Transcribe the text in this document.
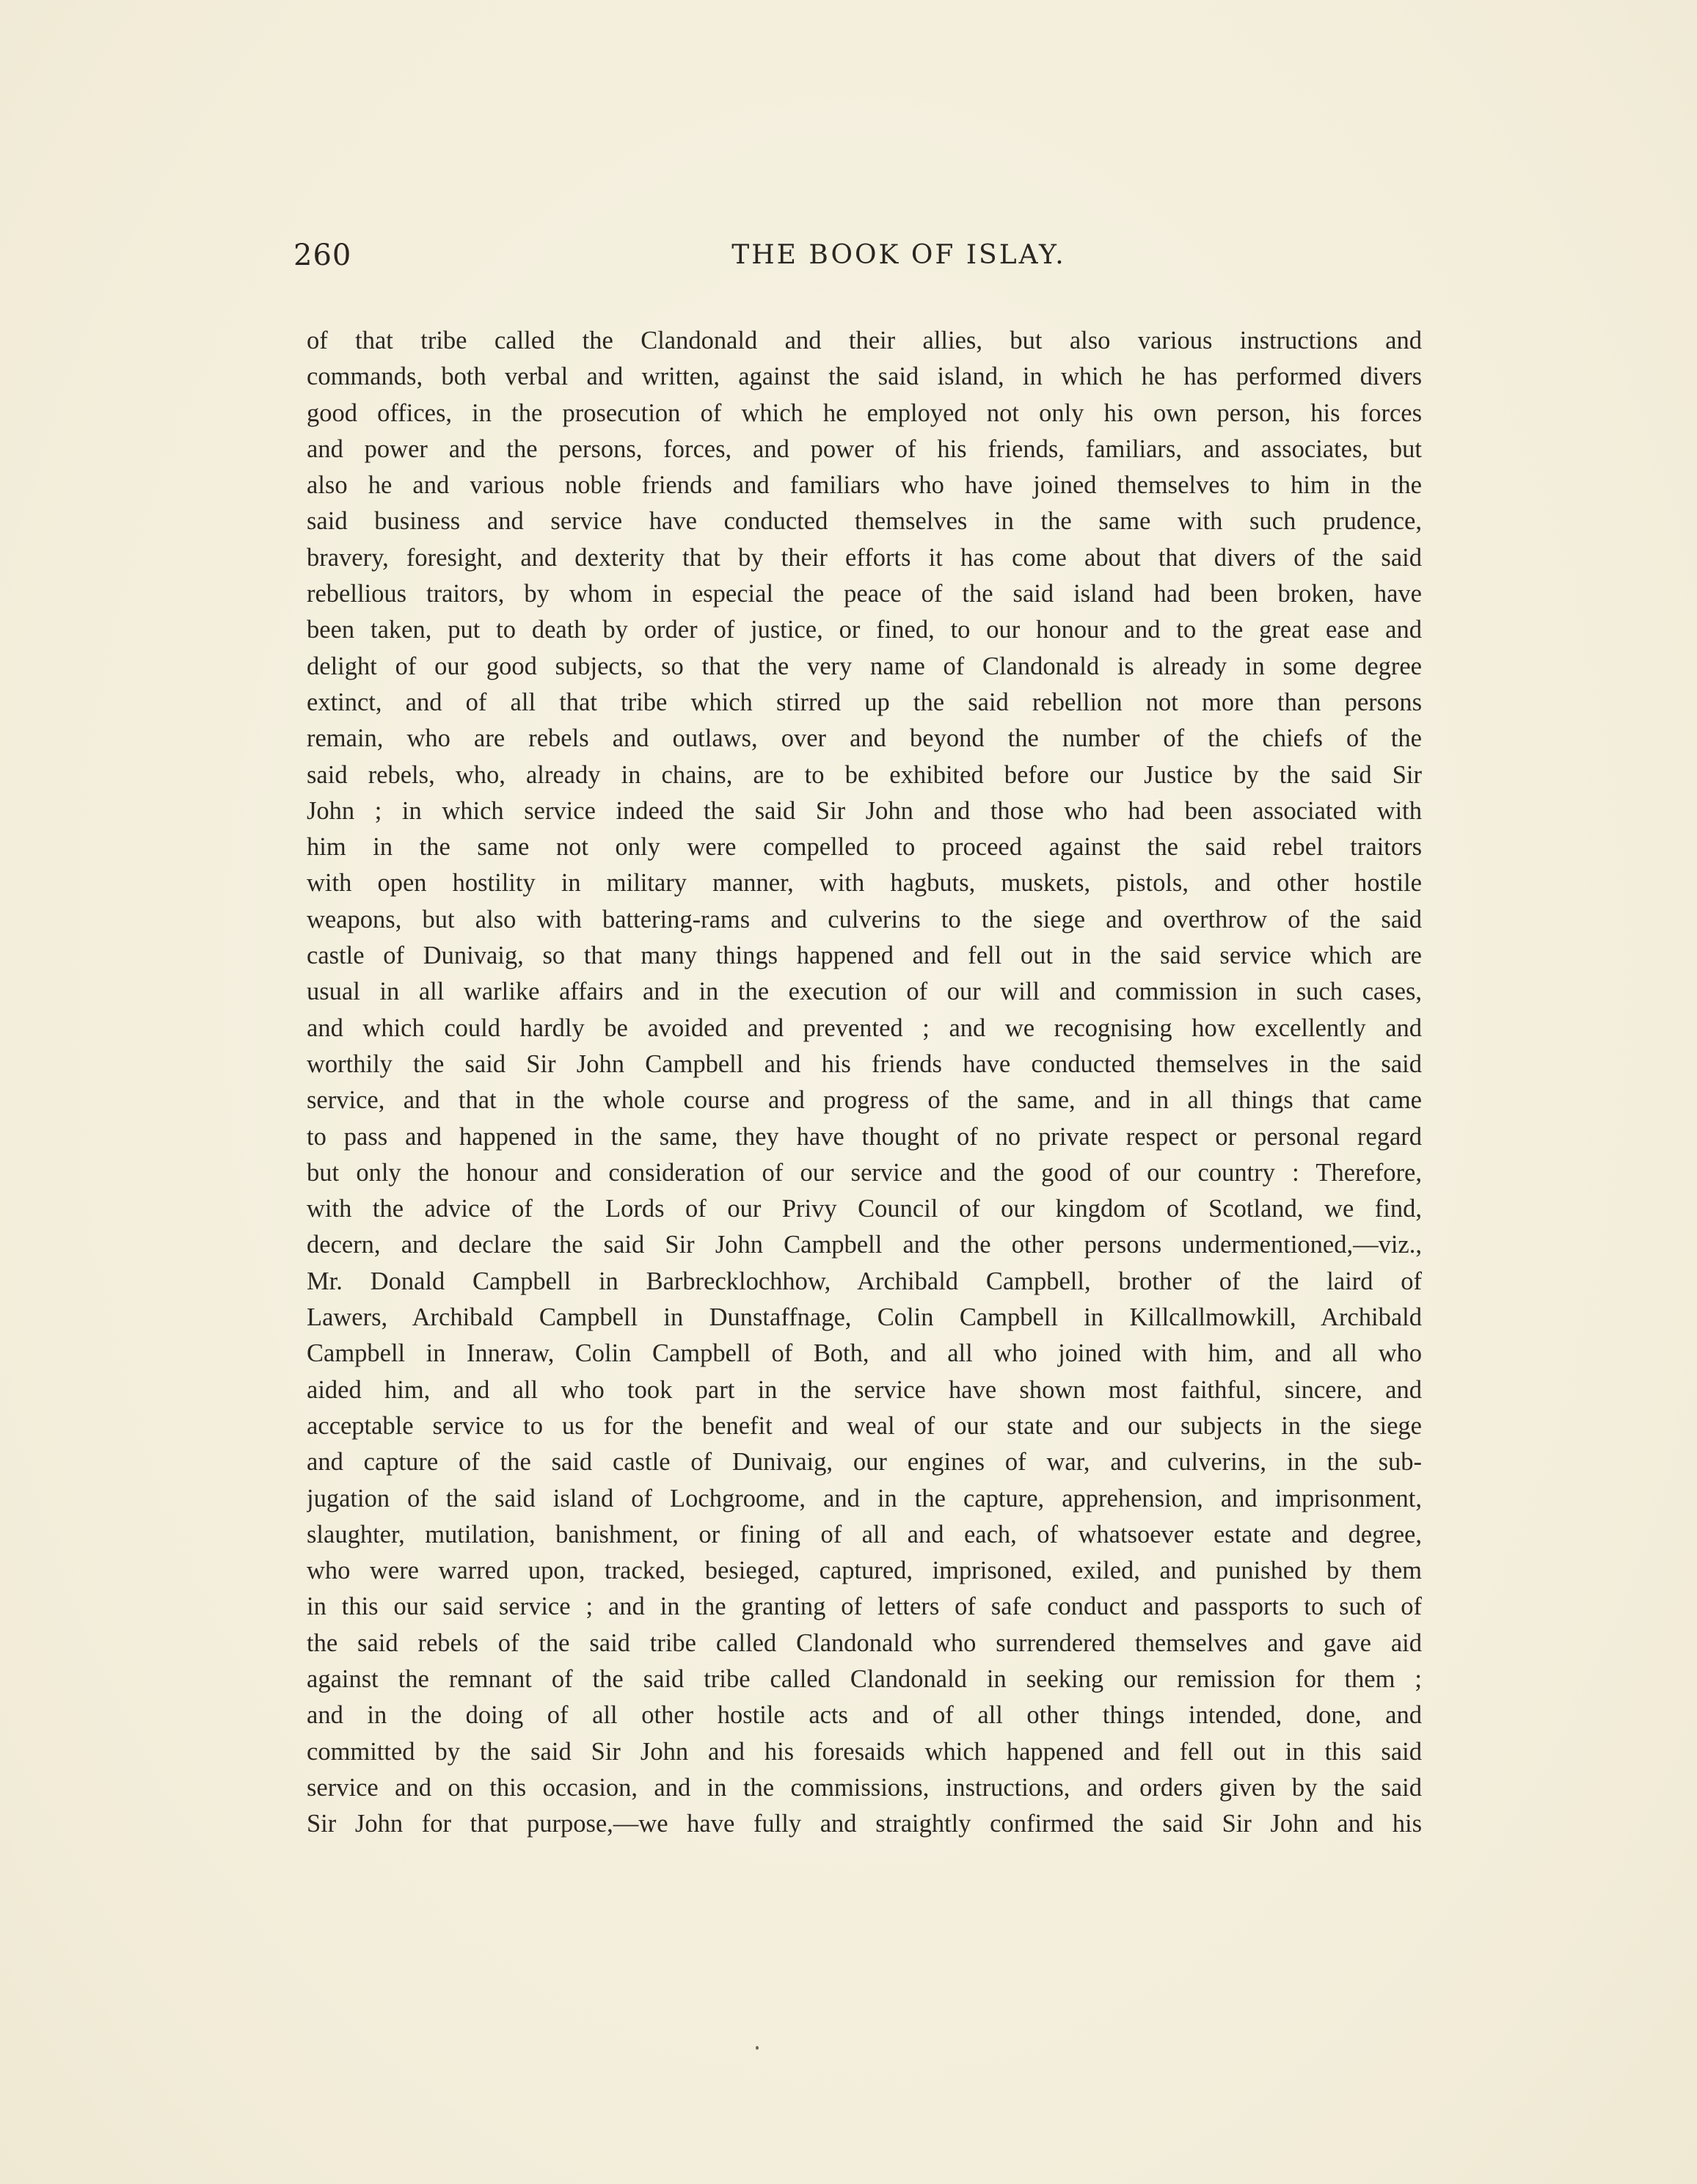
260	THE BOOK OF ISLAY.
of that tribe called the Clandonald and their allies, but also various instructions and
commands, both verbal and written, against the said island, in which he has performed divers
good offices, in the prosecution of which he employed not only his own person, his forces
and power and the persons, forces, and power of his friends, familiars, and associates, but
also he and various noble friends and familiars who have joined themselves to him in the
said business and service have conducted themselves in the same with such prudence,
bravery, foresight, and dexterity that by their efforts it has come about that divers of the said
rebellious traitors, by whom in especial the peace of the said island had been broken, have
been taken, put to death by order of justice, or fined, to our honour and to the great ease and
delight of our good subjects, so that the very name of Clandonald is already in some degree
extinct, and of all that tribe which stirred up the said rebellion not more than persons
remain, who are rebels and outlaws, over and beyond the number of the chiefs of the
said rebels, who, already in chains, are to be exhibited before our Justice by the said Sir
John ; in which service indeed the said Sir John and those who had been associated with
him in the same not only were compelled to proceed against the said rebel traitors
with open hostility in military manner, with hagbuts, muskets, pistols, and other hostile
weapons, but also with battering-rams and culverins to the siege and overthrow of the said
castle of Dunivaig, so that many things happened and fell out in the said service which are
usual in all warlike affairs and in the execution of our will and commission in such cases,
and which could hardly be avoided and prevented ; and we recognising how excellently and
worthily the said Sir John Campbell and his friends have conducted themselves in the said
service, and that in the whole course and progress of the same, and in all things that came
to pass and happened in the same, they have thought of no private respect or personal regard
but only the honour and consideration of our service and the good of our country : Therefore,
with the advice of the Lords of our Privy Council of our kingdom of Scotland, we find,
decern, and declare the said Sir John Campbell and the other persons undermentioned,—viz.,
Mr. Donald Campbell in Barbrecklochhow, Archibald Campbell, brother of the laird of
Lawers, Archibald Campbell in Dunstaffnage, Colin Campbell in Killcallmowkill, Archibald
Campbell in Inneraw, Colin Campbell of Both, and all who joined with him, and all who
aided him, and all who took part in the service have shown most faithful, sincere, and
acceptable service to us for the benefit and weal of our state and our subjects in the siege
and capture of the said castle of Dunivaig, our engines of war, and culverins, in the sub-
jugation of the said island of Lochgroome, and in the capture, apprehension, and imprisonment,
slaughter, mutilation, banishment, or fining of all and each, of whatsoever estate and degree,
who were warred upon, tracked, besieged, captured, imprisoned, exiled, and punished by them
in this our said service ; and in the granting of letters of safe conduct and passports to such of
the said rebels of the said tribe called Clandonald who surrendered themselves and gave aid
against the remnant of the said tribe called Clandonald in seeking our remission for them ;
and in the doing of all other hostile acts and of all other things intended, done, and
committed by the said Sir John and his foresaids which happened and fell out in this said
service and on this occasion, and in the commissions, instructions, and orders given by the said
Sir John for that purpose,—we have fully and straightly confirmed the said Sir John and his
